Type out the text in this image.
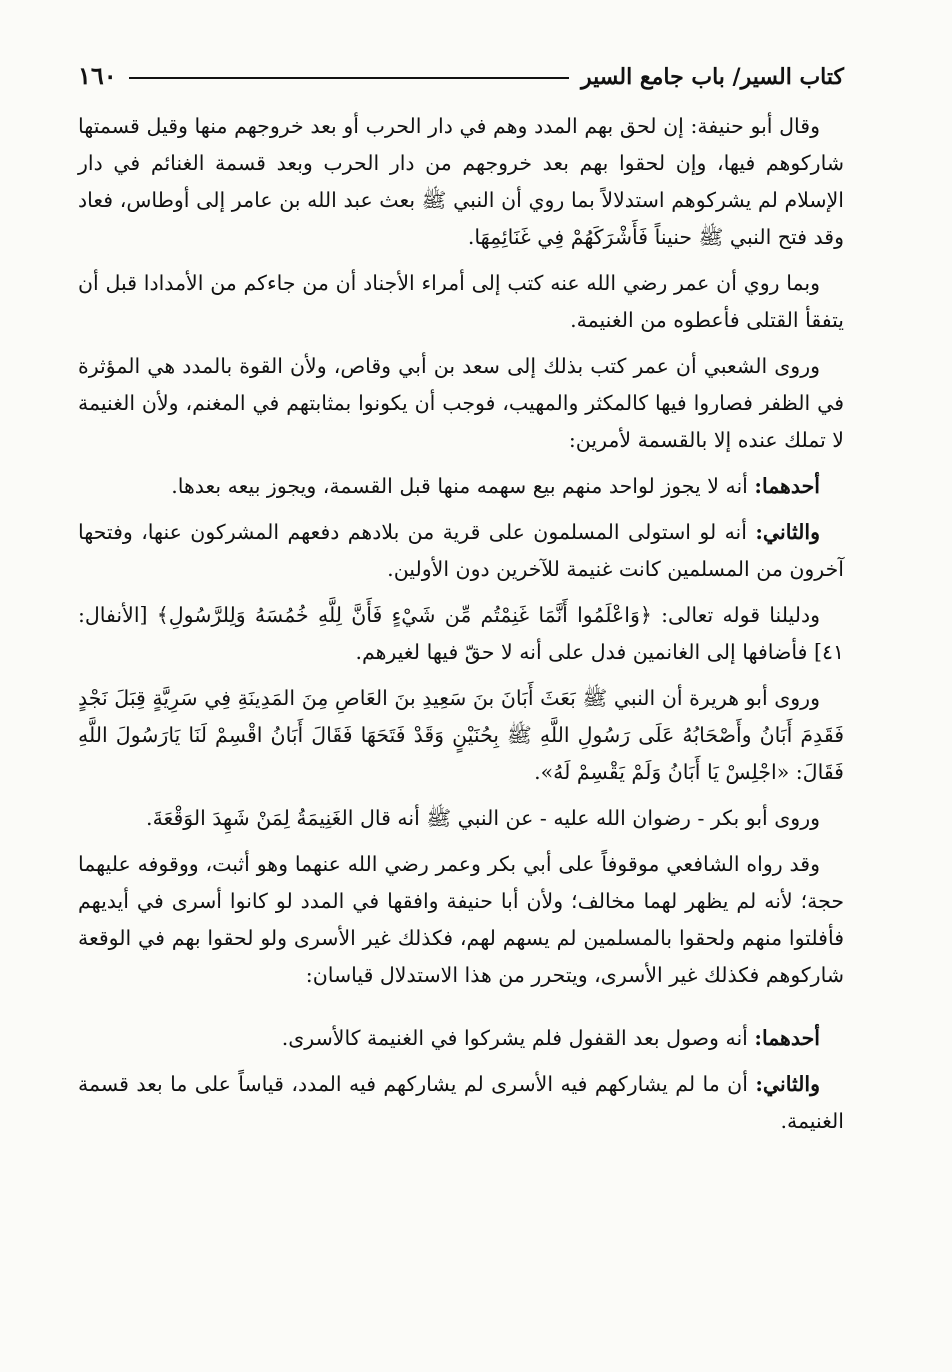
كتاب السير/ باب جامع السير
١٦٠

وقال أبو حنيفة: إن لحق بهم المدد وهم في دار الحرب أو بعد خروجهم منها وقيل قسمتها شاركوهم فيها، وإن لحقوا بهم بعد خروجهم من دار الحرب وبعد قسمة الغنائم في دار الإسلام لم يشركوهم استدلالاً بما روي أن النبي ﷺ بعث عبد الله بن عامر إلى أوطاس، فعاد وقد فتح النبي ﷺ حنيناً فَأَشْرَكَهُمْ فِي غَنَائِمِهَا.

وبما روي أن عمر رضي الله عنه كتب إلى أمراء الأجناد أن من جاءكم من الأمدادا قبل أن يتفقأ القتلى فأعطوه من الغنيمة.

وروى الشعبي أن عمر كتب بذلك إلى سعد بن أبي وقاص، ولأن القوة بالمدد هي المؤثرة في الظفر فصاروا فيها كالمكثر والمهيب، فوجب أن يكونوا بمثابتهم في المغنم، ولأن الغنيمة لا تملك عنده إلا بالقسمة لأمرين:

أحدهما: أنه لا يجوز لواحد منهم بيع سهمه منها قبل القسمة، ويجوز بيعه بعدها.

والثاني: أنه لو استولى المسلمون على قرية من بلادهم دفعهم المشركون عنها، وفتحها آخرون من المسلمين كانت غنيمة للآخرين دون الأولين.

ودليلنا قوله تعالى: ﴿وَاعْلَمُوا أَنَّمَا غَنِمْتُم مِّن شَيْءٍ فَأَنَّ لِلَّهِ خُمُسَهُ وَلِلرَّسُولِ﴾ [الأنفال: ٤١] فأضافها إلى الغانمين فدل على أنه لا حقّ فيها لغيرهم.

وروى أبو هريرة أن النبي ﷺ بَعَثَ أَبَانَ بنَ سَعِيدِ بنَ العَاصِ مِنَ المَدِينَةِ فِي سَرِيَّةٍ قِبَلَ نَجْدٍ فَقَدِمَ أَبَانُ وأَصْحَابُهُ عَلَى رَسُولِ اللَّهِ ﷺ بِحُنَيْنٍ وَقَدْ فَتَحَهَا فَقَالَ أَبَانُ اقْسِمْ لَنَا يَارَسُولَ اللَّهِ فَقَالَ: «اجْلِسْ يَا أَبَانُ وَلَمْ يَقْسِمْ لَهُ».

وروى أبو بكر - رضوان الله عليه - عن النبي ﷺ أنه قال الغَنِيمَةُ لِمَنْ شَهِدَ الوَقْعَةَ.

وقد رواه الشافعي موقوفاً على أبي بكر وعمر رضي الله عنهما وهو أثبت، ووقوفه عليهما حجة؛ لأنه لم يظهر لهما مخالف؛ ولأن أبا حنيفة وافقها في المدد لو كانوا أسرى في أيديهم فأفلتوا منهم ولحقوا بالمسلمين لم يسهم لهم، فكذلك غير الأسرى ولو لحقوا بهم في الوقعة شاركوهم فكذلك غير الأسرى، ويتحرر من هذا الاستدلال قياسان:

أحدهما: أنه وصول بعد القفول فلم يشركوا في الغنيمة كالأسرى.

والثاني: أن ما لم يشاركهم فيه الأسرى لم يشاركهم فيه المدد، قياساً على ما بعد قسمة الغنيمة.
